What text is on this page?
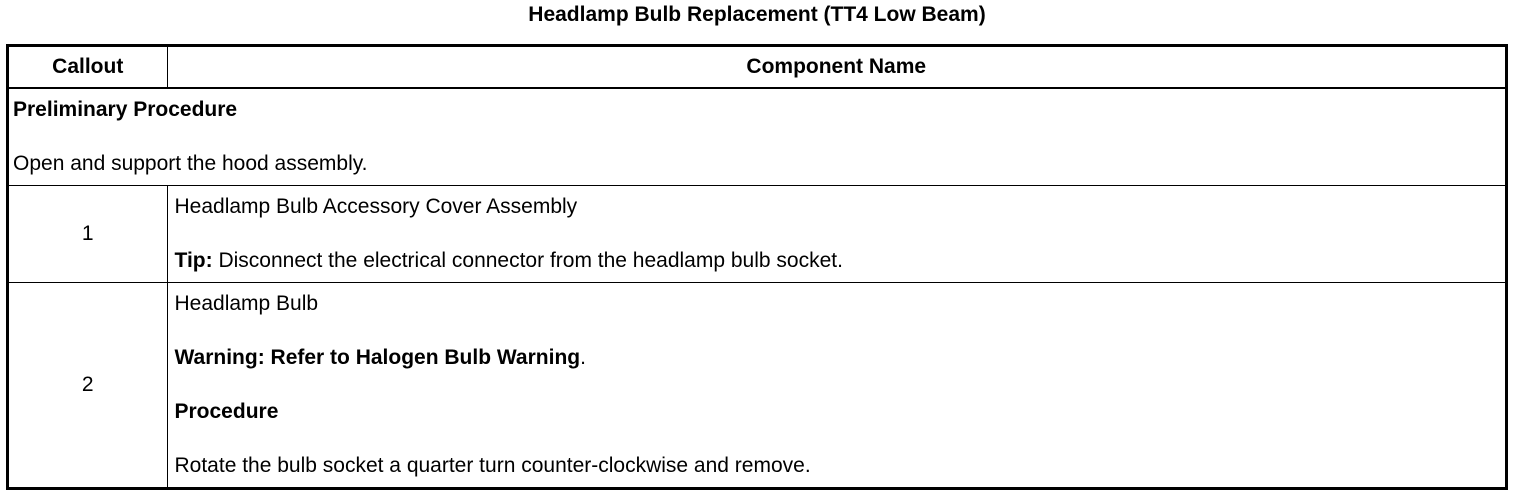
Headlamp Bulb Replacement (TT4 Low Beam)
Callout	Component Name

Preliminary Procedure
Open and support the hood assembly.	

1	Headlamp Bulb Accessory Cover Assembly
Tip: Disconnect the electrical connector from the headlamp bulb socket.

2	Headlamp Bulb
Warning: Refer to Halogen Bulb Warning.
Procedure
Rotate the bulb socket a quarter turn counter-clockwise and remove.
